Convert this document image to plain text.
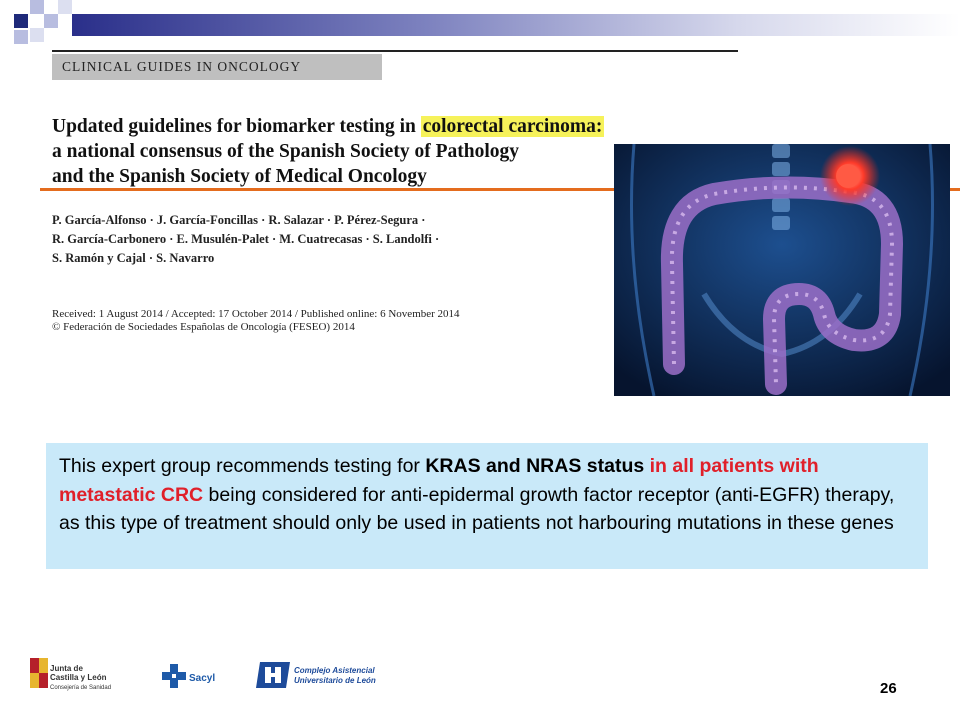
CLINICAL GUIDES IN ONCOLOGY
Updated guidelines for biomarker testing in colorectal carcinoma:
a national consensus of the Spanish Society of Pathology
and the Spanish Society of Medical Oncology
P. García-Alfonso · J. García-Foncillas · R. Salazar · P. Pérez-Segura ·
R. García-Carbonero · E. Musulén-Palet · M. Cuatrecasas · S. Landolfi ·
S. Ramón y Cajal · S. Navarro
Received: 1 August 2014 / Accepted: 17 October 2014 / Published online: 6 November 2014
© Federación de Sociedades Españolas de Oncología (FESEO) 2014
This expert group recommends testing for KRAS and NRAS status in all patients with metastatic CRC being considered for anti-epidermal growth factor receptor (anti-EGFR) therapy, as this type of treatment should only be used in patients not harbouring mutations in these genes
Junta de
Castilla y León
Consejería de Sanidad
Sacyl
Complejo Asistencial
Universitario de León	26
